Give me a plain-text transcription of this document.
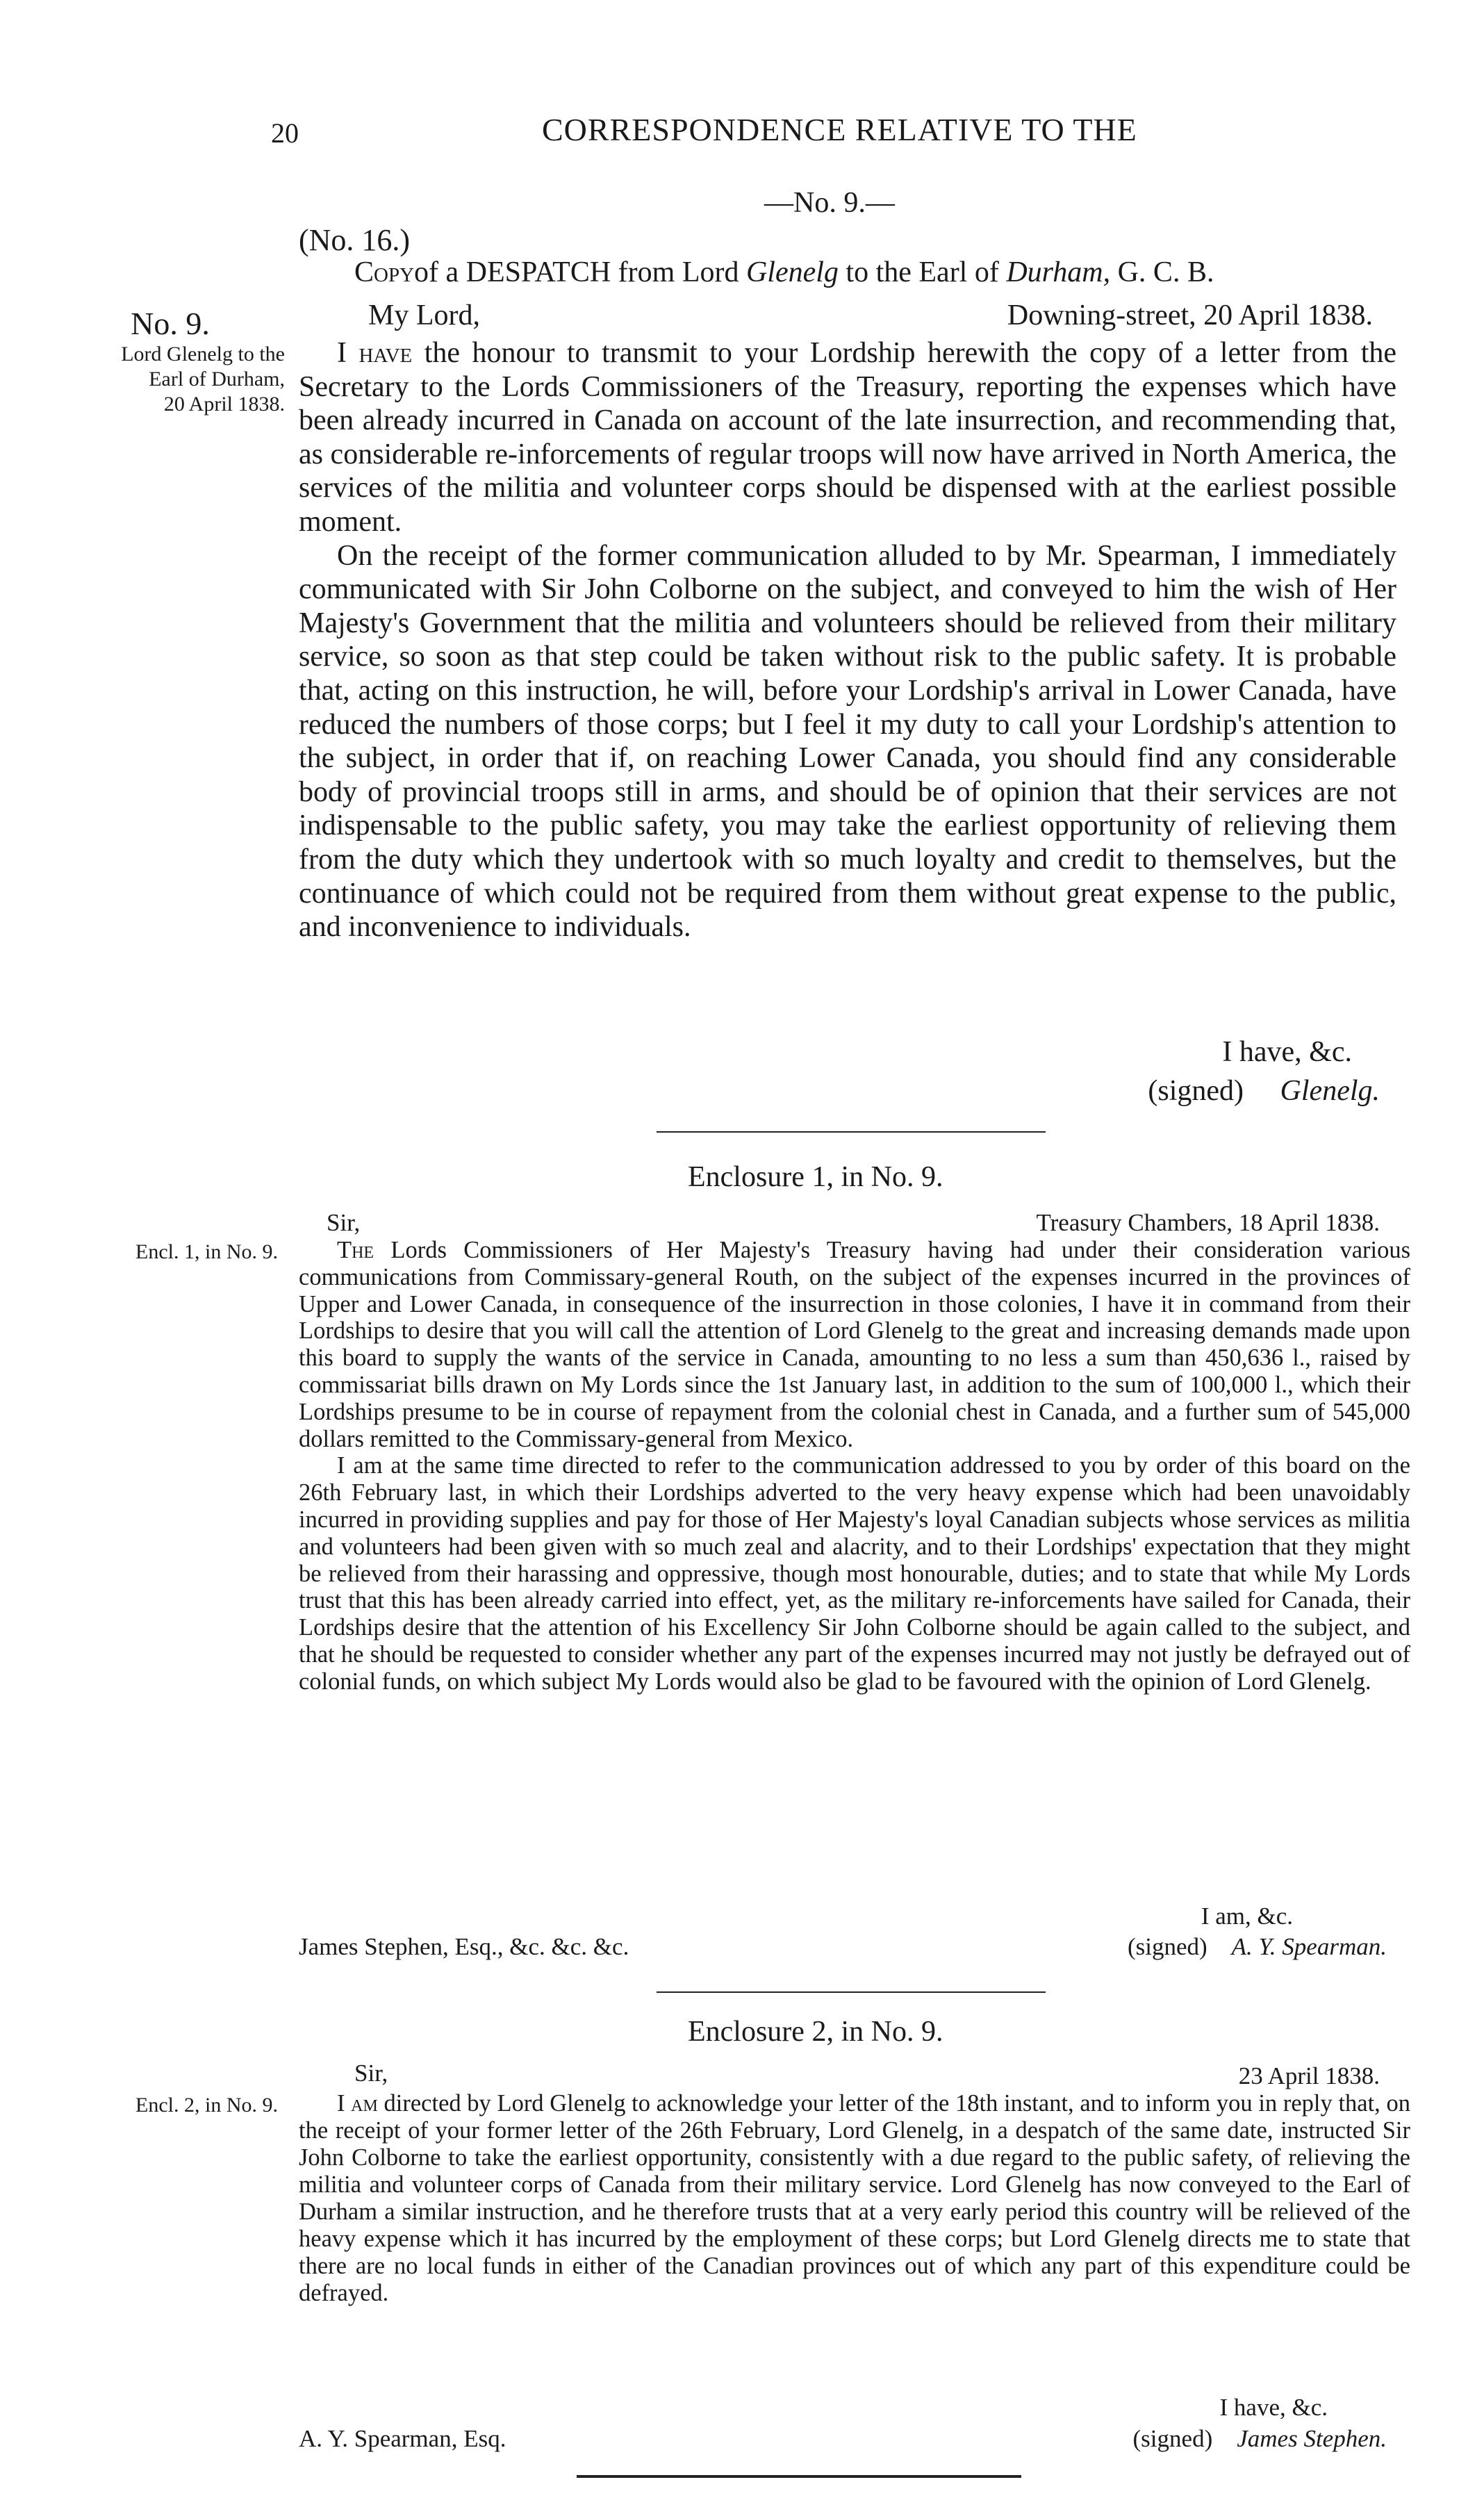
20	CORRESPONDENCE RELATIVE TO THE
—No. 9.—
(No. 16.)
Copyof a DESPATCH from Lord Glenelg to the Earl of Durham, G. C. B.
No. 9.
Lord Glenelg to the
Earl of Durham,
20 April 1838.
My Lord,	Downing-street, 20 April 1838.

I have the honour to transmit to your Lordship herewith the copy of a letter from the Secretary to the Lords Commissioners of the Treasury, reporting the expenses which have been already incurred in Canada on account of the late insurrection, and recommending that, as considerable re-inforcements of regular troops will now have arrived in North America, the services of the militia and volunteer corps should be dispensed with at the earliest possible moment.

On the receipt of the former communication alluded to by Mr. Spearman, I immediately communicated with Sir John Colborne on the subject, and conveyed to him the wish of Her Majesty's Government that the militia and volunteers should be relieved from their military service, so soon as that step could be taken without risk to the public safety. It is probable that, acting on this instruction, he will, before your Lordship's arrival in Lower Canada, have reduced the numbers of those corps; but I feel it my duty to call your Lordship's attention to the subject, in order that if, on reaching Lower Canada, you should find any considerable body of provincial troops still in arms, and should be of opinion that their services are not indispensable to the public safety, you may take the earliest opportunity of relieving them from the duty which they undertook with so much loyalty and credit to themselves, but the continuance of which could not be required from them without great expense to the public, and inconvenience to individuals.

I have, &c.
(signed) Glenelg.
Enclosure 1, in No. 9.
Sir,	Treasury Chambers, 18 April 1838.
Encl. 1, in No. 9.	The Lords Commissioners of Her Majesty's Treasury having had under their consideration various communications from Commissary-general Routh, on the subject of the expenses incurred in the provinces of Upper and Lower Canada, in consequence of the insurrection in those colonies, I have it in command from their Lordships to desire that you will call the attention of Lord Glenelg to the great and increasing demands made upon this board to supply the wants of the service in Canada, amounting to no less a sum than 450,636 l., raised by commissariat bills drawn on My Lords since the 1st January last, in addition to the sum of 100,000 l., which their Lordships presume to be in course of repayment from the colonial chest in Canada, and a further sum of 545,000 dollars remitted to the Commissary-general from Mexico.

I am at the same time directed to refer to the communication addressed to you by order of this board on the 26th February last, in which their Lordships adverted to the very heavy expense which had been unavoidably incurred in providing supplies and pay for those of Her Majesty's loyal Canadian subjects whose services as militia and volunteers had been given with so much zeal and alacrity, and to their Lordships' expectation that they might be relieved from their harassing and oppressive, though most honourable, duties; and to state that while My Lords trust that this has been already carried into effect, yet, as the military re-inforcements have sailed for Canada, their Lordships desire that the attention of his Excellency Sir John Colborne should be again called to the subject, and that he should be requested to consider whether any part of the expenses incurred may not justly be defrayed out of colonial funds, on which subject My Lords would also be glad to be favoured with the opinion of Lord Glenelg.

I am, &c.
James Stephen, Esq., &c. &c. &c.	(signed) A. Y. Spearman.
Enclosure 2, in No. 9.
Sir,	23 April 1838.
Encl. 2, in No. 9.	I am directed by Lord Glenelg to acknowledge your letter of the 18th instant, and to inform you in reply that, on the receipt of your former letter of the 26th February, Lord Glenelg, in a despatch of the same date, instructed Sir John Colborne to take the earliest opportunity, consistently with a due regard to the public safety, of relieving the militia and volunteer corps of Canada from their military service. Lord Glenelg has now conveyed to the Earl of Durham a similar instruction, and he therefore trusts that at a very early period this country will be relieved of the heavy expense which it has incurred by the employment of these corps; but Lord Glenelg directs me to state that there are no local funds in either of the Canadian provinces out of which any part of this expenditure could be defrayed.

I have, &c.
A. Y. Spearman, Esq.	(signed) James Stephen.
